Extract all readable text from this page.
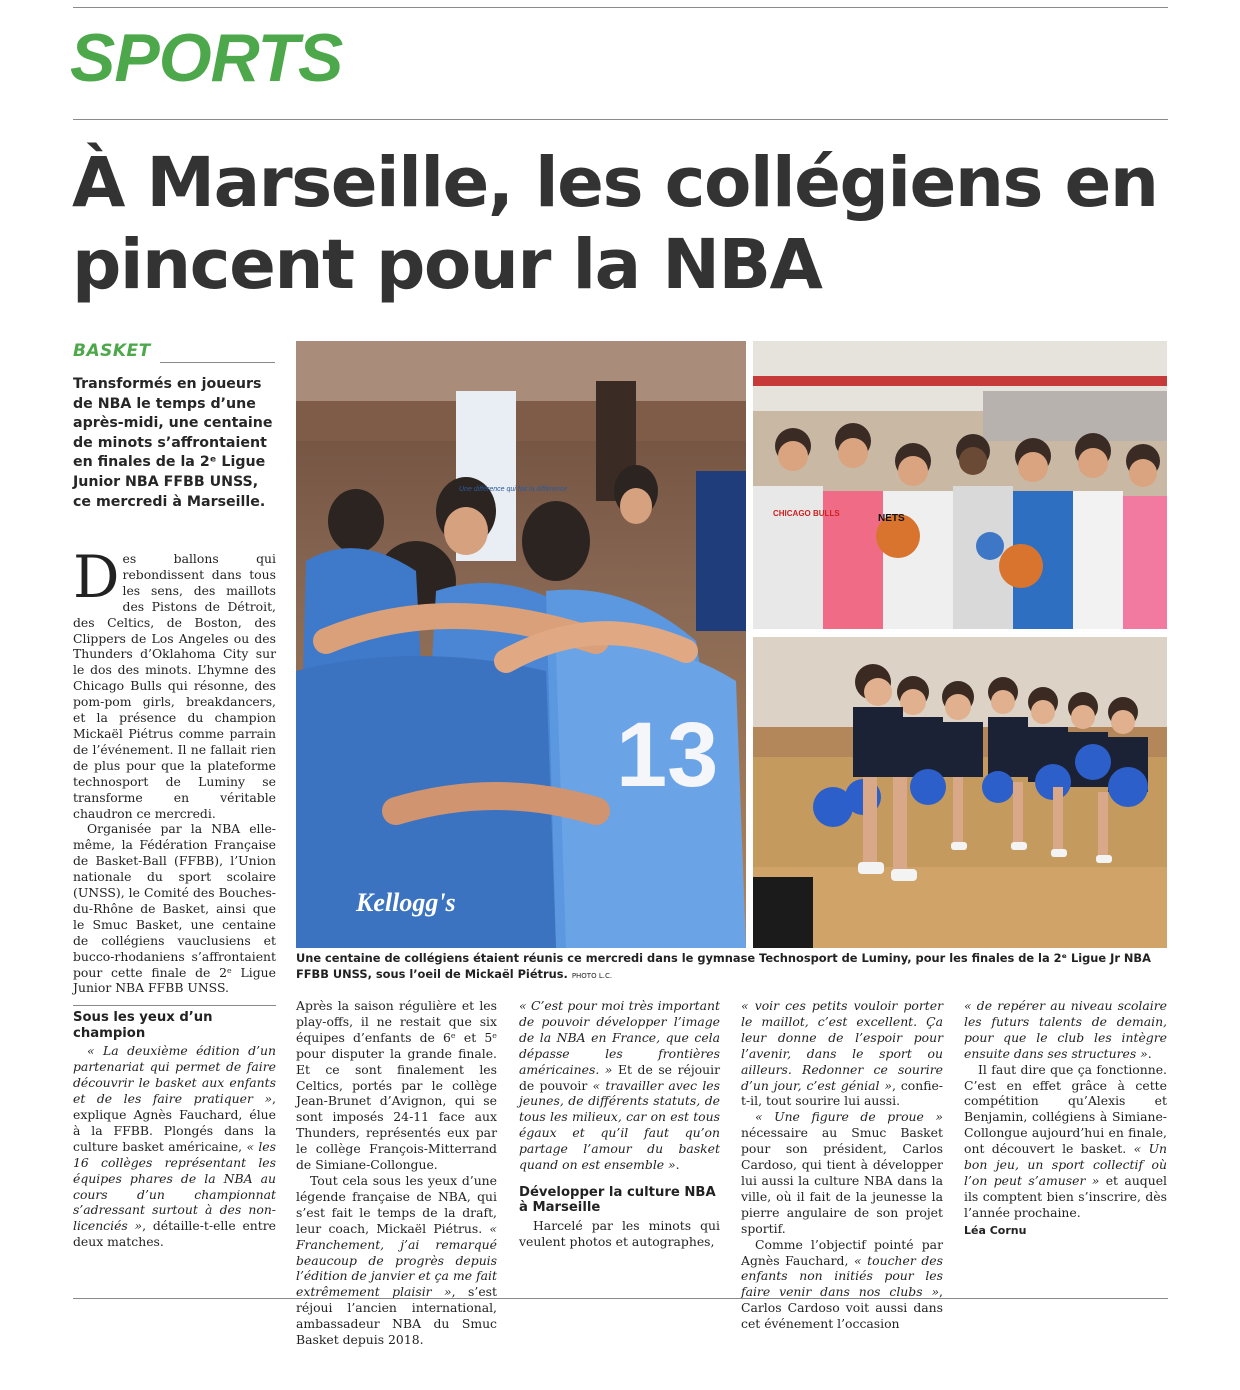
SPORTS
À Marseille, les collégiens en pincent pour la NBA
BASKET

Transformés en joueurs de NBA le temps d’une après-midi, une centaine de minots s’affrontaient en finales de la 2ᵉ Ligue Junior NBA FFBB UNSS, ce mercredi à Marseille.

13
Kellogg's
Une différence qui fait la différence
NETS
CHICAGO BULLS

Une centaine de collégiens étaient réunis ce mercredi dans le gymnase Technosport de Luminy, pour les finales de la 2ᵉ Ligue Jr NBA FFBB UNSS, sous l’oeil de Mickaël Piétrus. PHOTO L.C.

Des ballons qui rebondissent dans tous les sens, des maillots des Pistons de Détroit, des Celtics, de Boston, des Clippers de Los Angeles ou des Thunders d’Oklahoma City sur le dos des minots. L’hymne des Chicago Bulls qui résonne, des pom-pom girls, breakdancers, et la présence du champion Mickaël Piétrus comme parrain de l’événement. Il ne fallait rien de plus pour que la plateforme technosport de Luminy se transforme en véritable chaudron ce mercredi.

Organisée par la NBA elle-même, la Fédération Française de Basket-Ball (FFBB), l’Union nationale du sport scolaire (UNSS), le Comité des Bouches-du-Rhône de Basket, ainsi que le Smuc Basket, une centaine de collégiens vauclusiens et bucco-rhodaniens s’affrontaient pour cette finale de 2ᵉ Ligue Junior NBA FFBB UNSS.

Sous les yeux d’un champion

« La deuxième édition d’un partenariat qui permet de faire découvrir le basket aux enfants et de les faire pratiquer », explique Agnès Fauchard, élue à la FFBB. Plongés dans la culture basket américaine, « les 16 collèges représentant les équipes phares de la NBA au cours d’un championnat s’adressant surtout à des non-licenciés », détaille-t-elle entre deux matches.

Après la saison régulière et les play-offs, il ne restait que six équipes d’enfants de 6ᵉ et 5ᵉ pour disputer la grande finale. Et ce sont finalement les Celtics, portés par le collège Jean-Brunet d’Avignon, qui se sont imposés 24-11 face aux Thunders, représentés eux par le collège François-Mitterrand de Simiane-Collongue.

Tout cela sous les yeux d’une légende française de NBA, qui s’est fait le temps de la draft, leur coach, Mickaël Piétrus. « Franchement, j’ai remarqué beaucoup de progrès depuis l’édition de janvier et ça me fait extrêmement plaisir », s’est réjoui l’ancien international, ambassadeur NBA du Smuc Basket depuis 2018.

« C’est pour moi très important de pouvoir développer l’image de la NBA en France, que cela dépasse les frontières américaines. » Et de se réjouir de pouvoir « travailler avec les jeunes, de différents statuts, de tous les milieux, car on est tous égaux et qu’il faut qu’on partage l’amour du basket quand on est ensemble ».

Développer la culture NBA à Marseille

Harcelé par les minots qui veulent photos et autographes,

« voir ces petits vouloir porter le maillot, c’est excellent. Ça leur donne de l’espoir pour l’avenir, dans le sport ou ailleurs. Redonner ce sourire d’un jour, c’est génial », confie-t-il, tout sourire lui aussi.

« Une figure de proue » nécessaire au Smuc Basket pour son président, Carlos Cardoso, qui tient à développer lui aussi la culture NBA dans la ville, où il fait de la jeunesse la pierre angulaire de son projet sportif.

Comme l’objectif pointé par Agnès Fauchard, « toucher des enfants non initiés pour les faire venir dans nos clubs », Carlos Cardoso voit aussi dans cet événement l’occasion

« de repérer au niveau scolaire les futurs talents de demain, pour que le club les intègre ensuite dans ses structures ».

Il faut dire que ça fonctionne. C’est en effet grâce à cette compétition qu’Alexis et Benjamin, collégiens à Simiane-Collongue aujourd’hui en finale, ont découvert le basket. « Un bon jeu, un sport collectif où l’on peut s’amuser » et auquel ils comptent bien s’inscrire, dès l’année prochaine.

Léa Cornu
